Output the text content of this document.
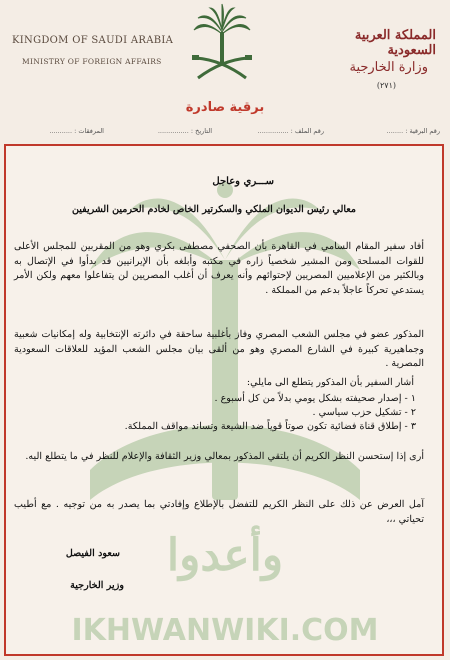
KINGDOM OF SAUDI ARABIA
MINISTRY OF FOREIGN AFFAIRS
المملكة العربية السعودية
وزارة الخارجية
(٢٧١)
برقية صادرة
رقم البرقية : ........
رقم الملف : ...............
التاريخ : ...............
المرفقات : ...........
وأعدوا
IKHWANWIKI.COM
ســـري وعاجل
معالي رئيس الديوان الملكي والسكرتير الخاص لخادم الحرمين الشريفين
أفاد سفير المقام السامي في القاهرة بأن الصحفي مصطفى بكري وهو من المقربين للمجلس الأعلى للقوات المسلحة ومن المشير شخصياً زاره في مكتبه وأبلغه بأن الإيرانيين قد بدأوا في الإتصال به وبالكثير من الإعلاميين المصريين لإحتوائهم وأنه يعرف أن أغلب المصريين لن يتفاعلوا معهم ولكن الأمر يستدعي تحركاً عاجلاً بدعم من المملكة .
المذكور عضو في مجلس الشعب المصري وفاز بأغلبية ساحقة في دائرته الإنتخابية وله إمكانيات شعبية وجماهيرية كبيرة في الشارع المصري وهو من ألقى بيان مجلس الشعب المؤيد للعلاقات السعودية المصرية .
أشار السفير بأن المذكور يتطلع الى مايلي:
١ - إصدار صحيفته بشكل يومي بدلاً من كل أسبوع .
٢ - تشكيل حزب سياسي .
٣ - إطلاق قناة فضائية تكون صوتاً قوياً ضد الشيعة وتساند مواقف المملكة.
أرى إذا إستحسن النظر الكريم أن يلتقي المذكور بمعالي وزير الثقافة والإعلام للنظر في ما يتطلع اليه.
آمل العرض عن ذلك على النظر الكريم للتفضل بالإطلاع وإفادتي بما يصدر به من توجيه . مع أطيب تحياتي ،،،
سعود الفيصل
وزير الخارجية
